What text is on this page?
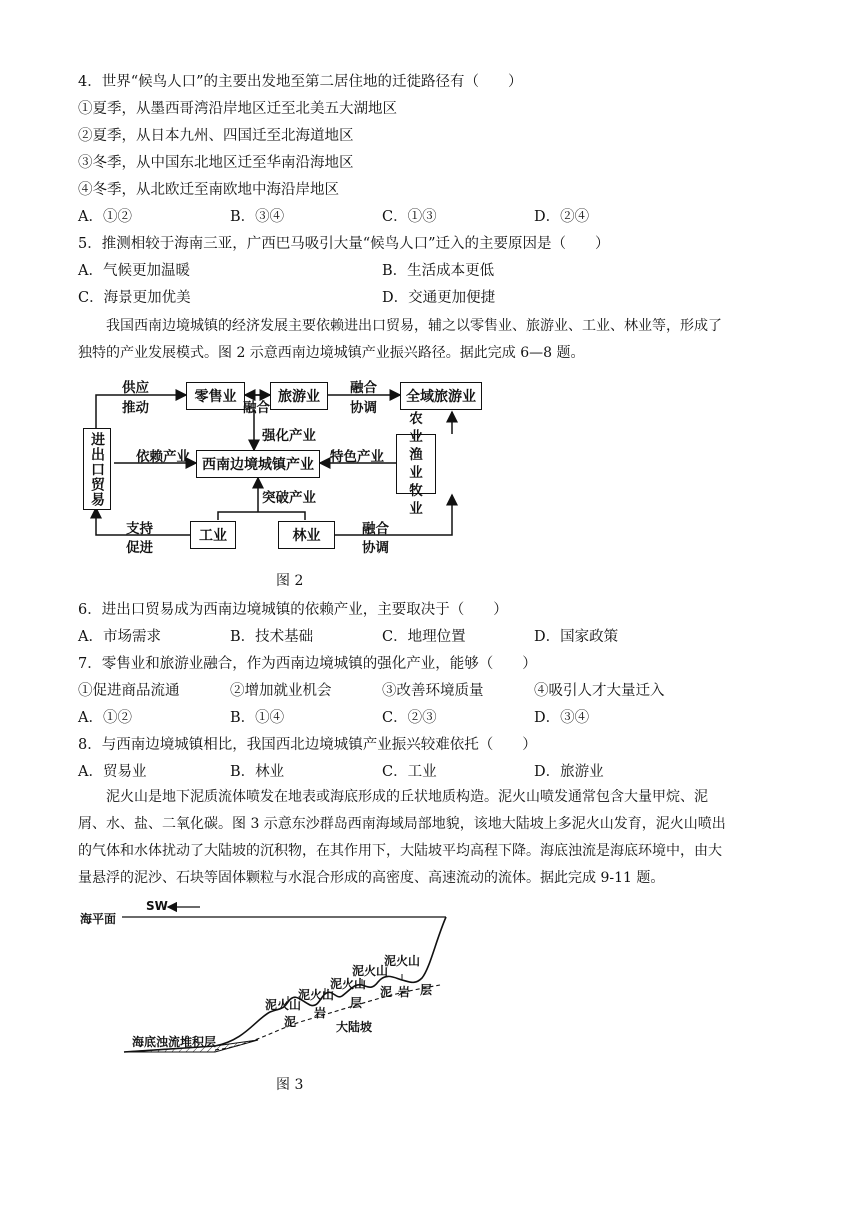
4．世界“候鸟人口”的主要出发地至第二居住地的迁徙路径有（　　）
①夏季，从墨西哥湾沿岸地区迁至北美五大湖地区
②夏季，从日本九州、四国迁至北海道地区
③冬季，从中国东北地区迁至华南沿海地区
④冬季，从北欧迁至南欧地中海沿岸地区
A．①②	B．③④	C．①③	D．②④
5．推测相较于海南三亚，广西巴马吸引大量“候鸟人口”迁入的主要原因是（　　）
A．气候更加温暖	B．生活成本更低
C．海景更加优美	D．交通更加便捷
我国西南边境城镇的经济发展主要依赖进出口贸易，辅之以零售业、旅游业、工业、林业等，形成了
独特的产业发展模式。图 2 示意西南边境城镇产业振兴路径。据此完成 6—8 题。
零售业	旅游业	全域旅游业
进出口贸易	西南边境城镇产业
农业渔业牧业
工业	林业
供应
推动	融合
融合
协调
强化产业
依赖产业	特色产业
突破产业
支持
促进
融合
协调
图 2
6．进出口贸易成为西南边境城镇的依赖产业，主要取决于（　　）
A．市场需求	B．技术基础	C．地理位置	D．国家政策
7．零售业和旅游业融合，作为西南边境城镇的强化产业，能够（　　）
①促进商品流通	②增加就业机会	③改善环境质量	④吸引人才大量迁入
A．①②	B．①④	C．②③	D．③④
8．与西南边境城镇相比，我国西北边境城镇产业振兴较难依托（　　）
A．贸易业	B．林业	C．工业	D．旅游业
泥火山是地下泥质流体喷发在地表或海底形成的丘状地质构造。泥火山喷发通常包含大量甲烷、泥
屑、水、盐、二氧化碳。图 3 示意东沙群岛西南海域局部地貌，该地大陆坡上多泥火山发育，泥火山喷出
的气体和水体扰动了大陆坡的沉积物，在其作用下，大陆坡平均高程下降。海底浊流是海底环境中，由大
量悬浮的泥沙、石块等固体颗粒与水混合形成的高密度、高速流动的流体。据此完成 9-11 题。
SW
海平面
泥火山
泥火山
泥火山
泥火山
泥火山
泥
岩
层
泥 岩 层
大陆坡
海底浊流堆积层
图 3
